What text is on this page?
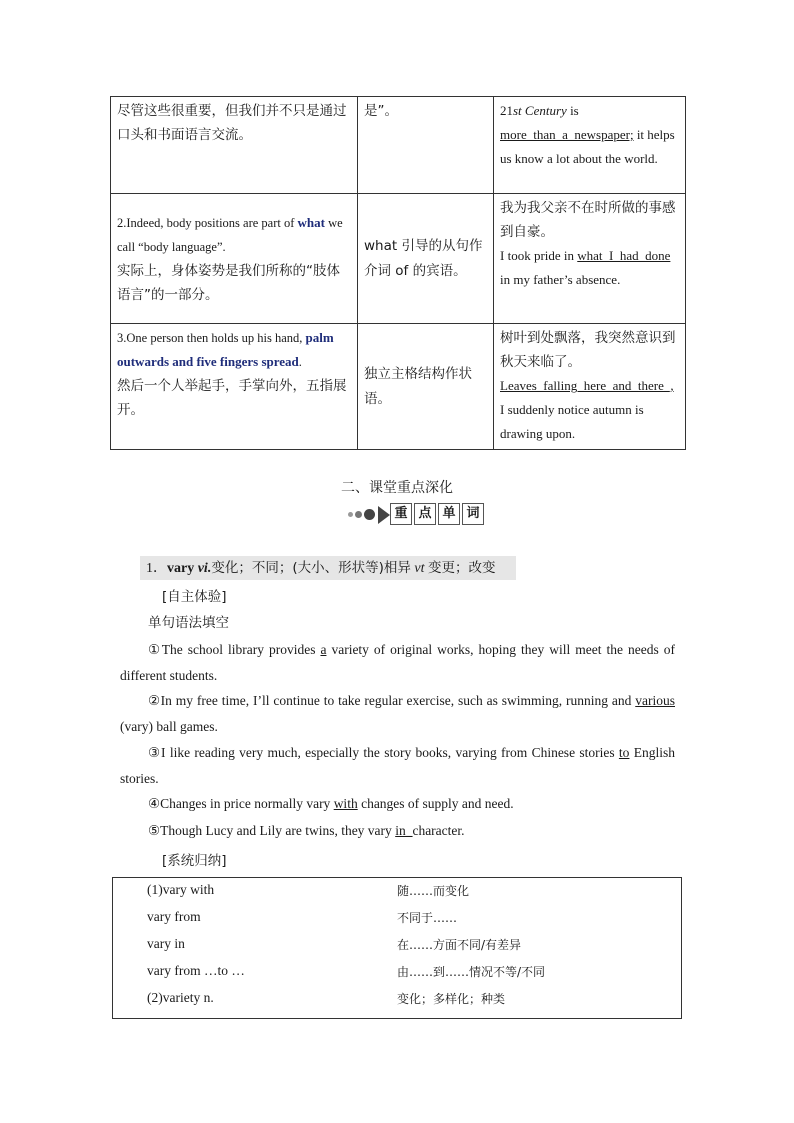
尽管这些很重要，但我们并不只是通过口头和书面语言交流。	是”。	21st Century is
more_than_a_newspaper; it helps us know a lot about the world.
2.Indeed, body positions are part of what we call “body language”.
实际上，身体姿势是我们所称的“肢体语言”的一部分。	what 引导的从句作介词 of 的宾语。	我为我父亲不在时所做的事感到自豪。
I took pride in what_I_had_done in my father’s absence.
3.One person then holds up his hand, palm outwards and five fingers spread.
然后一个人举起手，手掌向外，五指展开。	独立主格结构作状语。	树叶到处飘落，我突然意识到秋天来临了。
Leaves_falling_here_and_there_, I suddenly notice autumn is drawing upon.
二、课堂重点深化
重 点 单 词
1．vary vi.变化；不同；(大小、形状等)相异 vt 变更；改变
[自主体验]
单句语法填空
①The school library provides a variety of original works, hoping they will meet the needs of different students.
②In my free time, I’ll continue to take regular exercise, such as swimming, running and various (vary) ball games.
③I like reading very much, especially the story books, varying from Chinese stories to English stories.
④Changes in price normally vary with changes of supply and need.
⑤Though Lucy and Lily are twins, they vary in_character.
[系统归纳]
(1)vary with	随……而变化
vary from	不同于……
vary in	在……方面不同/有差异
vary from …to …	由……到……情况不等/不同
(2)variety n.	变化；多样化；种类
